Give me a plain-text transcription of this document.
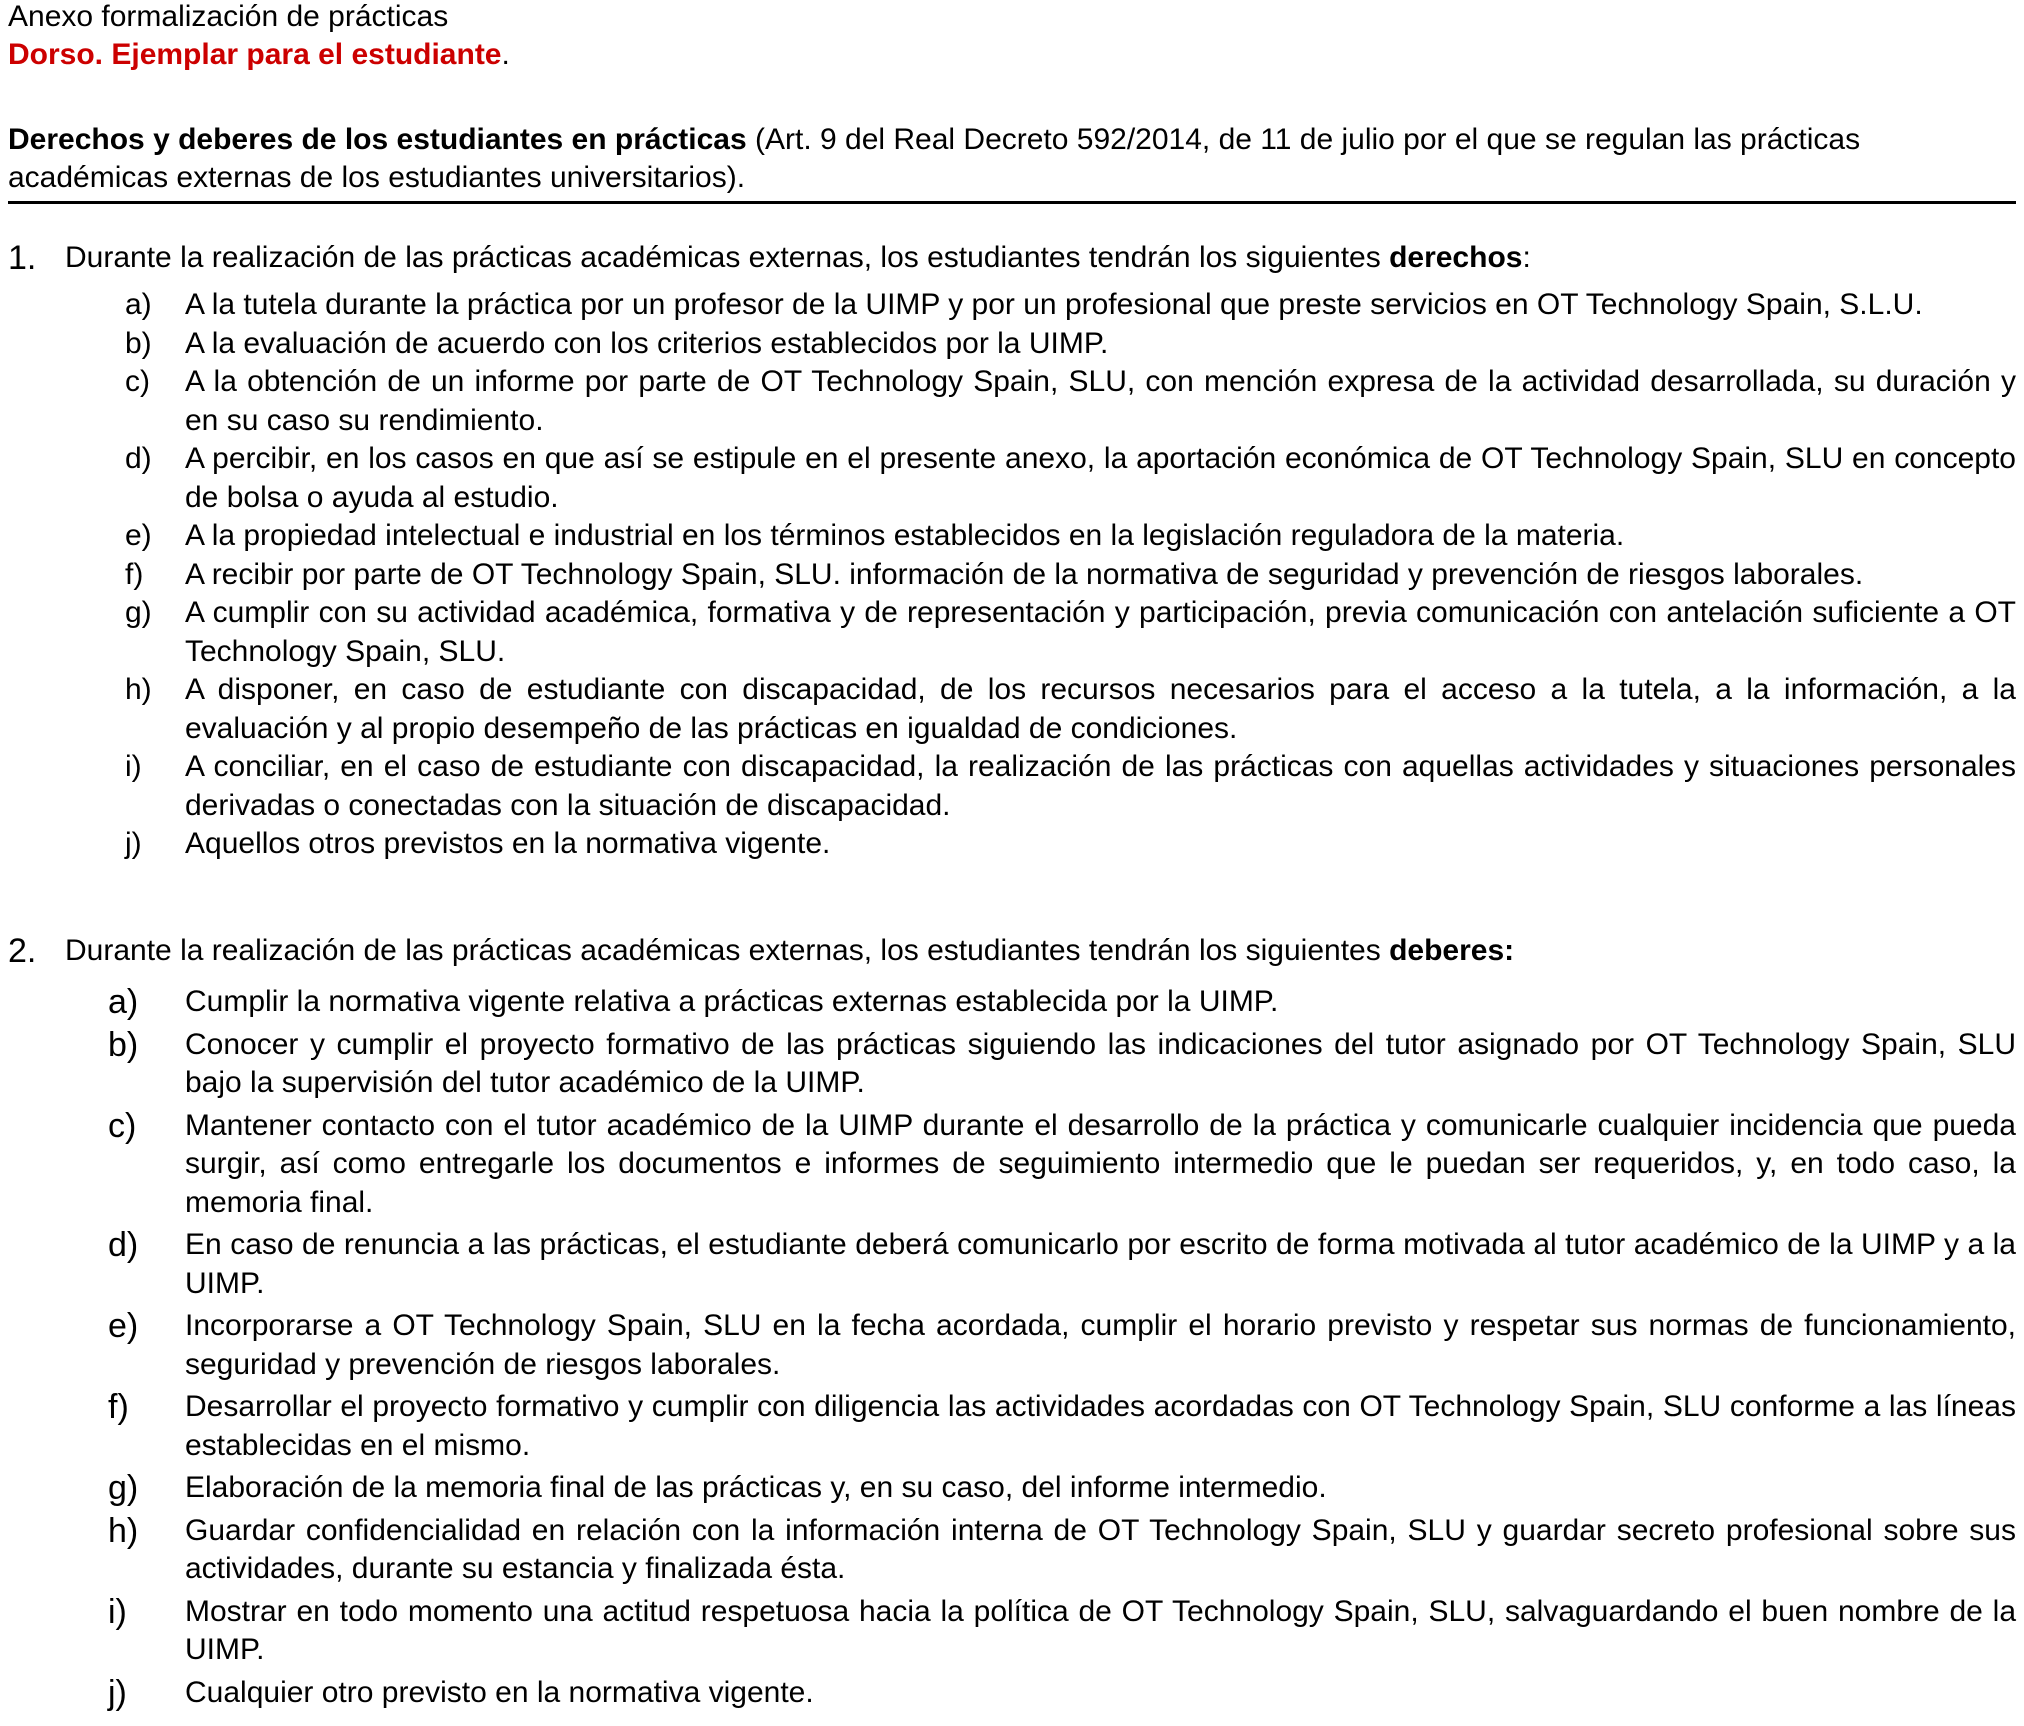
Anexo formalización de prácticas
Dorso. Ejemplar para el estudiante.
Derechos y deberes de los estudiantes en prácticas (Art. 9 del Real Decreto 592/2014, de 11 de julio por el que se regulan las prácticas académicas externas de los estudiantes universitarios).
1. Durante la realización de las prácticas académicas externas, los estudiantes tendrán los siguientes derechos:
a) A la tutela durante la práctica por un profesor de la UIMP y por un profesional que preste servicios en OT Technology Spain, S.L.U.
b) A la evaluación de acuerdo con los criterios establecidos por la UIMP.
c) A la obtención de un informe por parte de OT Technology Spain, SLU, con mención expresa de la actividad desarrollada, su duración y en su caso su rendimiento.
d) A percibir, en los casos en que así se estipule en el presente anexo, la aportación económica de OT Technology Spain, SLU en concepto de bolsa o ayuda al estudio.
e) A la propiedad intelectual e industrial en los términos establecidos en la legislación reguladora de la materia.
f) A recibir por parte de OT Technology Spain, SLU. información de la normativa de seguridad y prevención de riesgos laborales.
g) A cumplir con su actividad académica, formativa y de representación y participación, previa comunicación con antelación suficiente a OT Technology Spain, SLU.
h) A disponer, en caso de estudiante con discapacidad, de los recursos necesarios para el acceso a la tutela, a la información, a la evaluación y al propio desempeño de las prácticas en igualdad de condiciones.
i) A conciliar, en el caso de estudiante con discapacidad, la realización de las prácticas con aquellas actividades y situaciones personales derivadas o conectadas con la situación de discapacidad.
j) Aquellos otros previstos en la normativa vigente.
2. Durante la realización de las prácticas académicas externas, los estudiantes tendrán los siguientes deberes:
a) Cumplir la normativa vigente relativa a prácticas externas establecida por la UIMP.
b) Conocer y cumplir el proyecto formativo de las prácticas siguiendo las indicaciones del tutor asignado por OT Technology Spain, SLU bajo la supervisión del tutor académico de la UIMP.
c) Mantener contacto con el tutor académico de la UIMP durante el desarrollo de la práctica y comunicarle cualquier incidencia que pueda surgir, así como entregarle los documentos e informes de seguimiento intermedio que le puedan ser requeridos, y, en todo caso, la memoria final.
d) En caso de renuncia a las prácticas, el estudiante deberá comunicarlo por escrito de forma motivada al tutor académico de la UIMP y a la UIMP.
e) Incorporarse a OT Technology Spain, SLU en la fecha acordada, cumplir el horario previsto y respetar sus normas de funcionamiento, seguridad y prevención de riesgos laborales.
f) Desarrollar el proyecto formativo y cumplir con diligencia las actividades acordadas con OT Technology Spain, SLU conforme a las líneas establecidas en el mismo.
g) Elaboración de la memoria final de las prácticas y, en su caso, del informe intermedio.
h) Guardar confidencialidad en relación con la información interna de OT Technology Spain, SLU y guardar secreto profesional sobre sus actividades, durante su estancia y finalizada ésta.
i) Mostrar en todo momento una actitud respetuosa hacia la política de OT Technology Spain, SLU, salvaguardando el buen nombre de la UIMP.
j) Cualquier otro previsto en la normativa vigente.
